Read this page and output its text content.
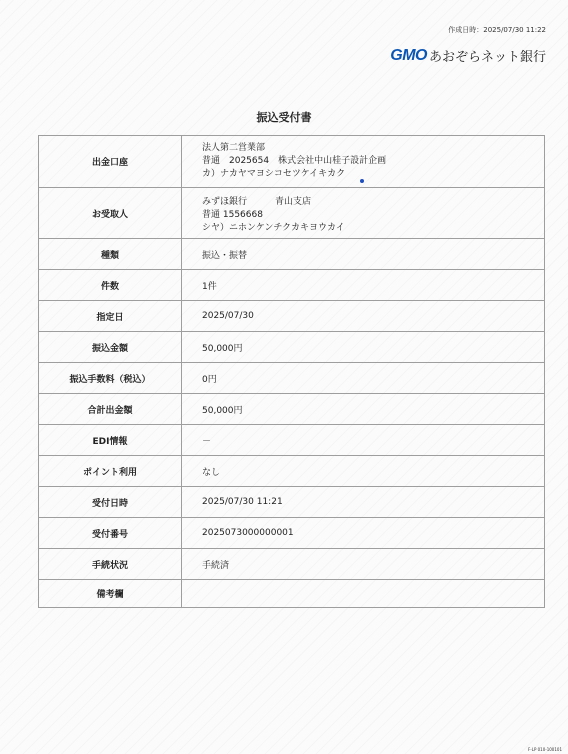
作成日時：2025/07/30 11:22
GMO あおぞらネット銀行
振込受付書
出金口座	法人第二営業部
普通　2025654　株式会社中山桂子設計企画
カ）ナカヤマヨシコセツケイキカク

お受取人	みずほ銀行 青山支店
普通 1556668
シヤ）ニホンケンチクカキヨウカイ

種類	振込・振替
件数	1件
指定日	2025/07/30
振込金額	50,000円
振込手数料（税込）	0円
合計出金額	50,000円
EDI情報	－
ポイント利用	なし
受付日時	2025/07/30 11:21
受付番号	2025073000000001
手続状況	手続済
備考欄	
F-LP 010-100101
